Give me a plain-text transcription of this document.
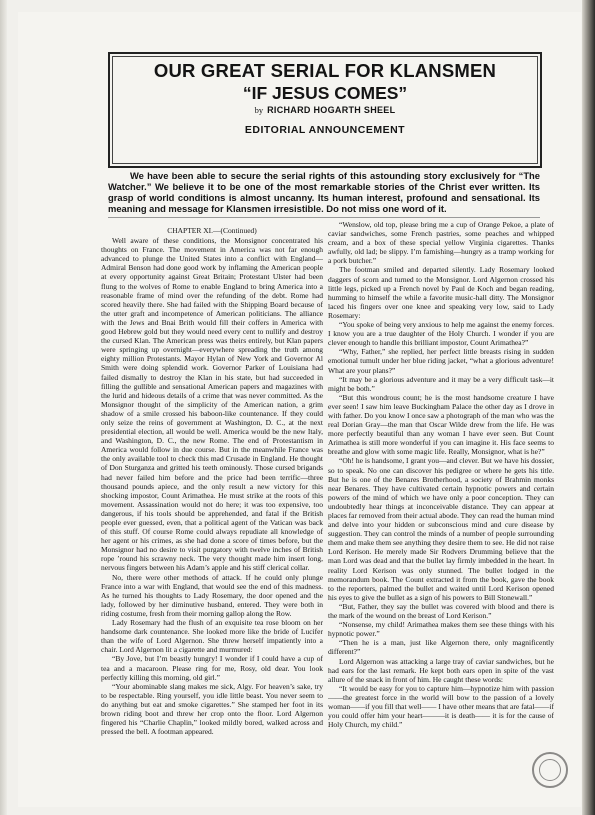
OUR GREAT SERIAL FOR KLANSMEN
“IF JESUS COMES”
by RICHARD HOGARTH SHEEL
EDITORIAL ANNOUNCEMENT
We have been able to secure the serial rights of this astounding story exclusively for “The Watcher.” We believe it to be one of the most remarkable stories of the Christ ever written. Its grasp of world conditions is almost uncanny. Its human interest, profound and sensational. Its meaning and message for Klansmen irresistible. Do not miss one word of it.
CHAPTER XI.—(Continued)

Well aware of these conditions, the Monsignor concentrated his thoughts on France. The movement in America was not far enough advanced to plunge the United States into a conflict with England—Admiral Benson had done good work by inflaming the American people at every opportunity against Great Britain; Protestant Ulster had been flung to the wolves of Rome to enable England to bring America into a reasonable frame of mind over the refunding of the debt. Rome had scored heavily there. She had failed with the Shipping Board because of the utter graft and incompetence of American politicians. The alliance with the Jews and Bnai Brith would fill their coffers in America with good Hebrew gold but they would need every cent to nullify and destroy the cursed Klan. The American press was theirs entirely, but Klan papers were springing up overnight—everywhere spreading the truth among eighty million Protestants. Mayor Hylan of New York and Governor Al Smith were doing splendid work. Governor Parker of Louisiana had failed dismally to destroy the Klan in his state, but had succeeded in filling the gullible and sensational American papers and magazines with the lurid and hideous details of a crime that was never committed. As the Monsignor thought of the simplicity of the American nation, a grim shadow of a smile crossed his baboon-like countenance. If they could only seize the reins of government at Washington, D. C., at the next presidential election, all would be well. America would be the new Italy, and Washington, D. C., the new Rome. The end of Protestantism in America would follow in due course. But in the meanwhile France was the only available tool to check this mad Crusade in England. He thought of Don Sturganza and gritted his teeth ominously. Those cursed brigands had never failed him before and the price had been terrific—three thousand pounds apiece, and the only result a new victory for this shocking impostor, Count Arimathea. He must strike at the roots of this movement. Assassination would not do here; it was too expensive, too dangerous, if his tools should be apprehended, and fatal if the British people ever guessed, even, that a political agent of the Vatican was back of this stuff. Of course Rome could always repudiate all knowledge of her agent or his crimes, as she had done a score of times before, but the Monsignor had no desire to visit purgatory with twelve inches of British rope ’round his scrawny neck. The very thought made him insert long, nervous fingers between his Adam’s apple and his stiff clerical collar.

No, there were other methods of attack. If he could only plunge France into a war with England, that would see the end of this madness. As he turned his thoughts to Lady Rosemary, the door opened and the lady, followed by her diminutive husband, entered. They were both in riding costume, fresh from their morning gallop along the Row.

Lady Rosemary had the flush of an exquisite tea rose bloom on her handsome dark countenance. She looked more like the bride of Lucifer than the wife of Lord Algernon. She threw herself impatiently into a chair. Lord Algernon lit a cigarette and murmured:

“By Jove, but I’m beastly hungry! I wonder if I could have a cup of tea and a macaroon. Please ring for me, Rosy, old dear. You look perfectly killing this morning, old girl.”

“Your abominable slang makes me sick, Algy. For heaven’s sake, try to be respectable. Ring yourself, you idle little beast. You never seem to do anything but eat and smoke cigarettes.” She stamped her foot in its brown riding boot and threw her crop onto the floor. Lord Algernon fingered his “Charlie Chaplin,” looked mildly bored, walked across and pressed the bell. A footman appeared.

“Wenslow, old top, please bring me a cup of Orange Pekoe, a plate of caviar sandwiches, some French pastries, some peaches and whipped cream, and a box of these special yellow Virginia cigarettes. Thanks awfully, old lad; be slippy. I’m famishing—hungry as a tramp working for a pork butcher.”

The footman smiled and departed silently. Lady Rosemary looked daggers of scorn and turned to the Monsignor. Lord Algernon crossed his little legs, picked up a French novel by Paul de Koch and began reading, humming to himself the while a favorite music-hall ditty. The Monsignor laced his fingers over one knee and speaking very low, said to Lady Rosemary:

“You spoke of being very anxious to help me against the enemy forces. I know you are a true daughter of the Holy Church. I wonder if you are clever enough to handle this brilliant impostor, Count Arimathea?”

“Why, Father,” she replied, her perfect little breasts rising in sudden emotional tumult under her blue riding jacket, “what a glorious adventure! What are your plans?”

“It may be a glorious adventure and it may be a very difficult task—it might be both.”

“But this wondrous count; he is the most handsome creature I have ever seen! I saw him leave Buckingham Palace the other day as I drove in with father. Do you know I once saw a photograph of the man who was the real Dorian Gray—the man that Oscar Wilde drew from the life. He was more perfectly beautiful than any woman I have ever seen. But Count Arimathea is still more wonderful if you can imagine it. His face seems to breathe and glow with some magic life. Really, Monsignor, what is he?”

“Oh! he is handsome, I grant you—and clever. But we have his dossier, so to speak. No one can discover his pedigree or where he gets his title. But he is one of the Benares Brotherhood, a society of Brahmin monks near Benares. They have cultivated certain hypnotic powers and certain powers of the mind of which we have only a poor conception. They can undoubtedly hear things at inconceivable distance. They can appear at places far removed from their actual abode. They can read the human mind and delve into your hidden or subconscious mind and cure disease by suggestion. They can control the minds of a number of people surrounding them and make them see anything they desire them to see. He did not raise Lord Kerison. He merely made Sir Rodvers Drumming believe that the man Lord was dead and that the bullet lay firmly imbedded in the heart. In reality Lord Kerison was only stunned. The bullet lodged in the memorandum book. The Count extracted it from the book, gave the book to the reporters, palmed the bullet and waited until Lord Kerison opened his eyes to give the bullet as a sign of his powers to Bill Stonewall.”

“But, Father, they say the bullet was covered with blood and there is the mark of the wound on the breast of Lord Kerison.”

“Nonsense, my child! Arimathea makes them see these things with his hypnotic power.”

“Then he is a man, just like Algernon there, only magnificently different?”

Lord Algernon was attacking a large tray of caviar sandwiches, but he had ears for the last remark. He kept both ears open in spite of the vast allure of the snack in front of him. He caught these words:

“It would be easy for you to capture him—hypnotize him with passion——the greatest force in the world will bow to the passion of a lovely woman——if you fill that well—— I have other means that are fatal——if you could offer him your heart———it is death—— it is for the cause of Holy Church, my child.”
